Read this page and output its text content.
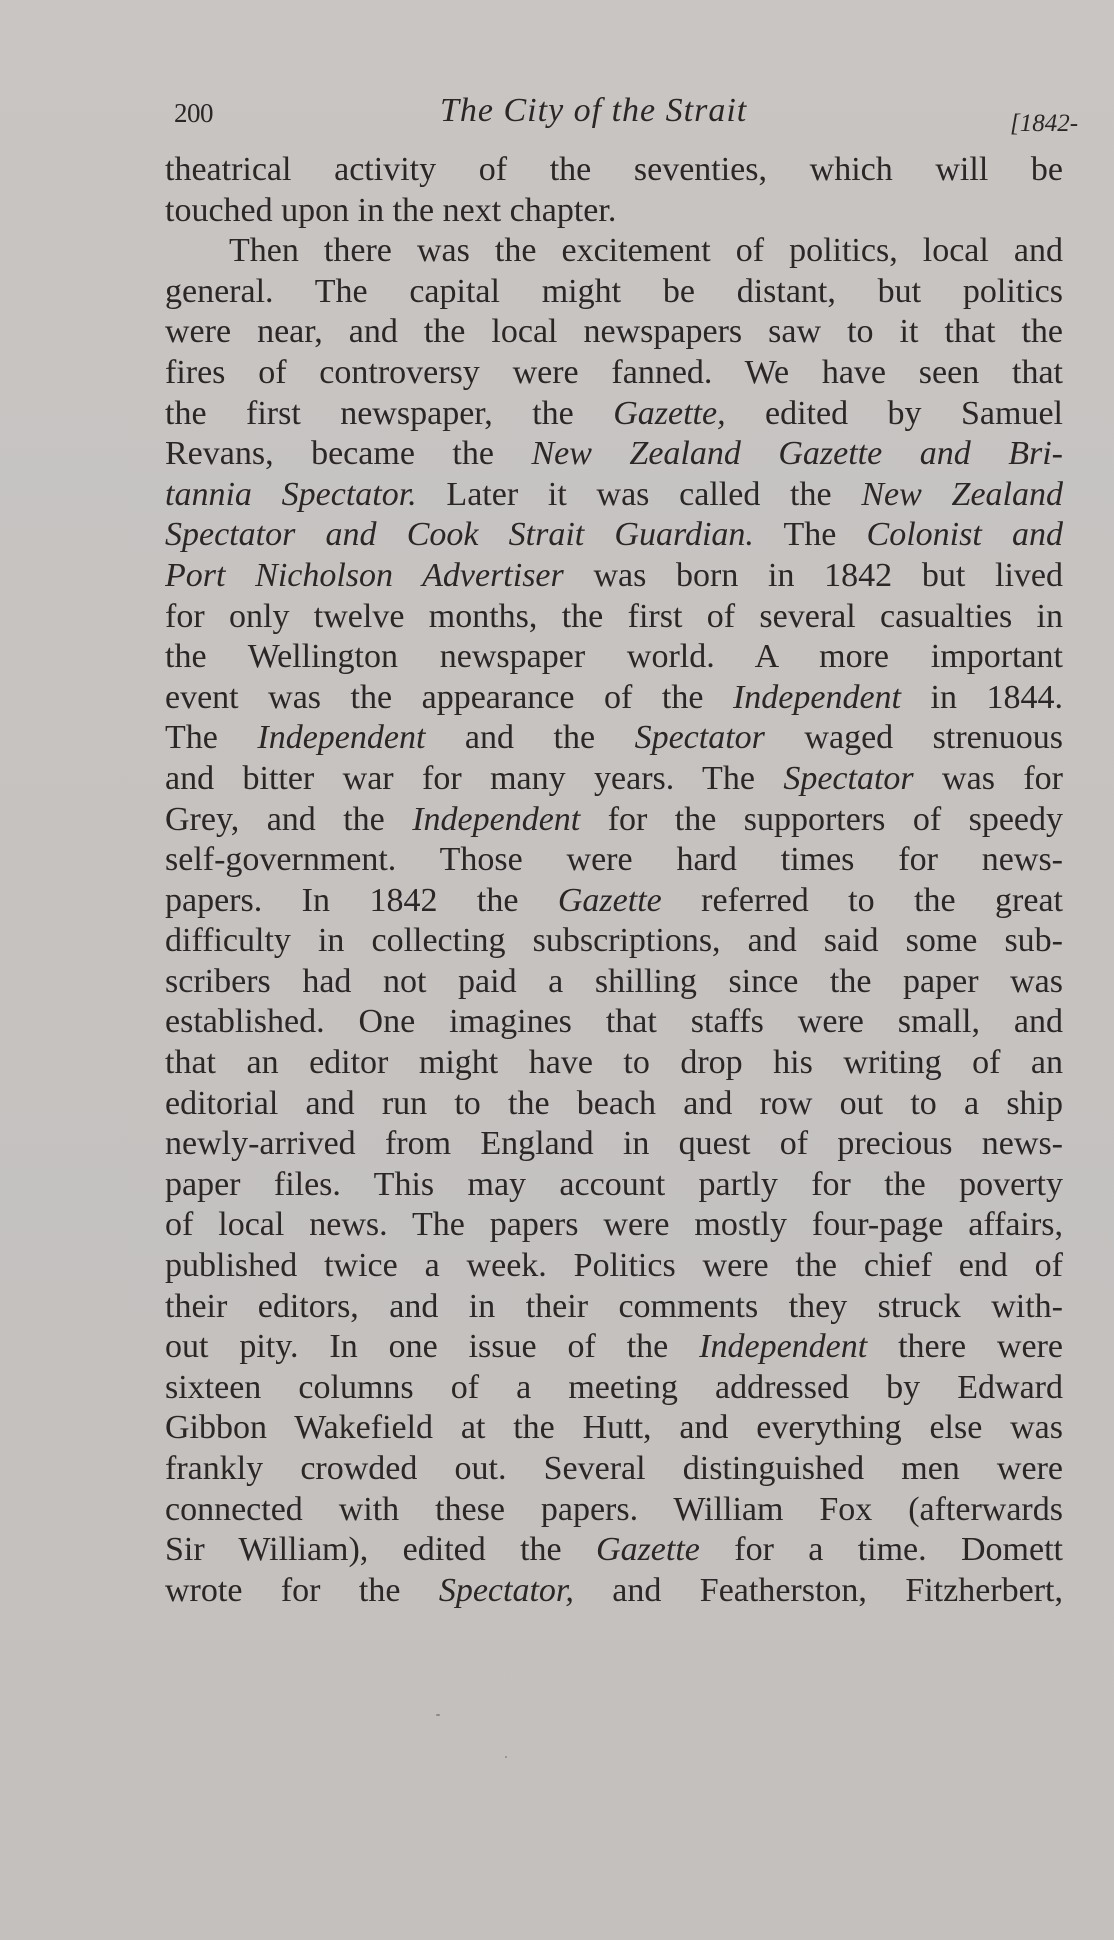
200	The City of the Strait	[1842-
theatrical activity of the seventies, which will be
touched upon in the next chapter.
Then there was the excitement of politics, local and
general. The capital might be distant, but politics
were near, and the local newspapers saw to it that the
fires of controversy were fanned. We have seen that
the first newspaper, the Gazette, edited by Samuel
Revans, became the New Zealand Gazette and Bri-
tannia Spectator. Later it was called the New Zealand
Spectator and Cook Strait Guardian. The Colonist and
Port Nicholson Advertiser was born in 1842 but lived
for only twelve months, the first of several casualties in
the Wellington newspaper world. A more important
event was the appearance of the Independent in 1844.
The Independent and the Spectator waged strenuous
and bitter war for many years. The Spectator was for
Grey, and the Independent for the supporters of speedy
self-government. Those were hard times for news-
papers. In 1842 the Gazette referred to the great
difficulty in collecting subscriptions, and said some sub-
scribers had not paid a shilling since the paper was
established. One imagines that staffs were small, and
that an editor might have to drop his writing of an
editorial and run to the beach and row out to a ship
newly-arrived from England in quest of precious news-
paper files. This may account partly for the poverty
of local news. The papers were mostly four-page affairs,
published twice a week. Politics were the chief end of
their editors, and in their comments they struck with-
out pity. In one issue of the Independent there were
sixteen columns of a meeting addressed by Edward
Gibbon Wakefield at the Hutt, and everything else was
frankly crowded out. Several distinguished men were
connected with these papers. William Fox (afterwards
Sir William), edited the Gazette for a time. Domett
wrote for the Spectator, and Featherston, Fitzherbert,
